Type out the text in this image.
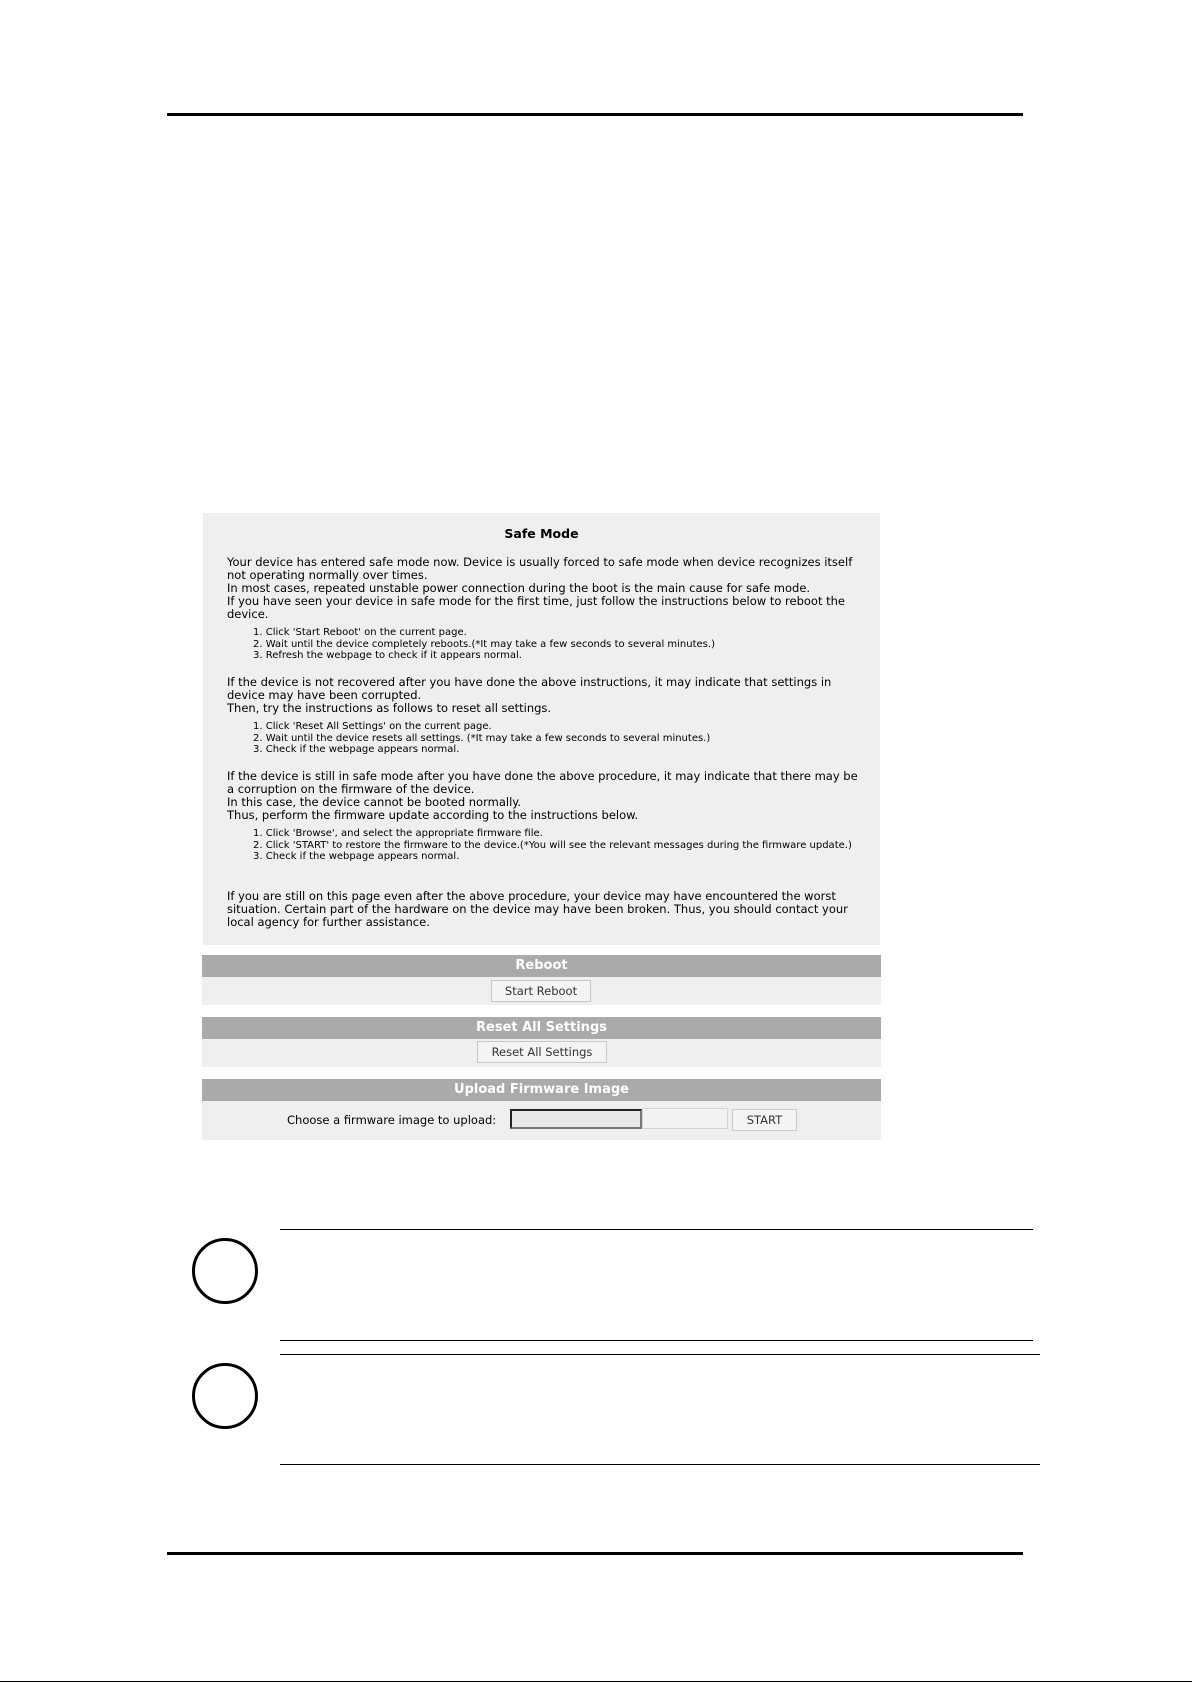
Safe Mode
Your device has entered safe mode now. Device is usually forced to safe mode when device recognizes itself not operating normally over times.
In most cases, repeated unstable power connection during the boot is the main cause for safe mode.
If you have seen your device in safe mode for the first time, just follow the instructions below to reboot the device.
1. Click 'Start Reboot' on the current page.
2. Wait until the device completely reboots.(*It may take a few seconds to several minutes.)
3. Refresh the webpage to check if it appears normal.
If the device is not recovered after you have done the above instructions, it may indicate that settings in device may have been corrupted.
Then, try the instructions as follows to reset all settings.
1. Click 'Reset All Settings' on the current page.
2. Wait until the device resets all settings. (*It may take a few seconds to several minutes.)
3. Check if the webpage appears normal.
If the device is still in safe mode after you have done the above procedure, it may indicate that there may be a corruption on the firmware of the device.
In this case, the device cannot be booted normally.
Thus, perform the firmware update according to the instructions below.
1. Click 'Browse', and select the appropriate firmware file.
2. Click 'START' to restore the firmware to the device.(*You will see the relevant messages during the firmware update.)
3. Check if the webpage appears normal.
If you are still on this page even after the above procedure, your device may have encountered the worst situation. Certain part of the hardware on the device may have been broken. Thus, you should contact your local agency for further assistance.
Reboot
Start Reboot
Reset All Settings
Reset All Settings
Upload Firmware Image
Choose a firmware image to upload:	START
